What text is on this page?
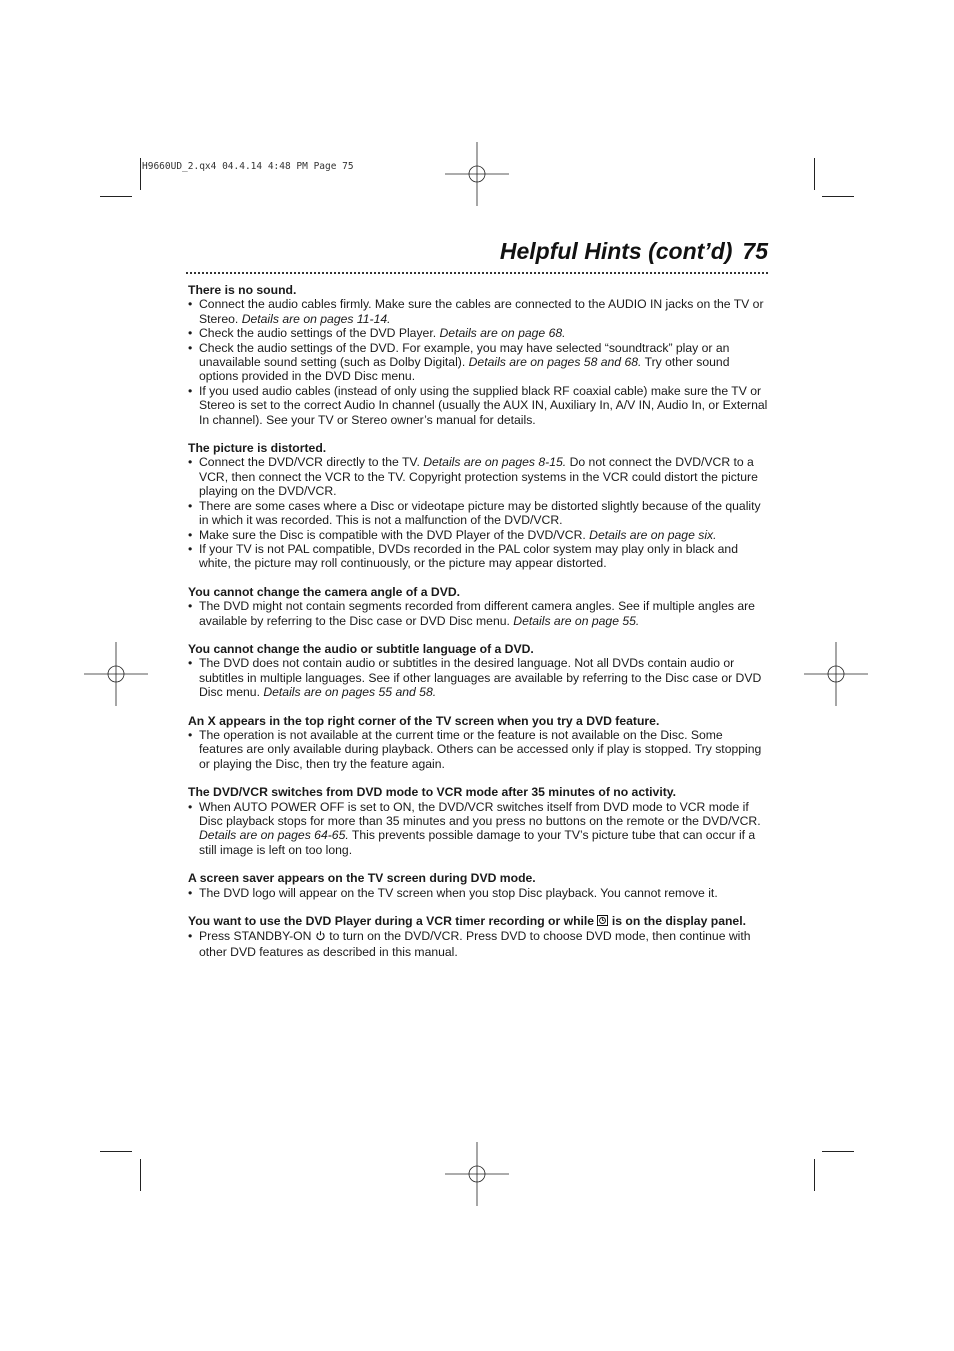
H9660UD_2.qx4 04.4.14 4:48 PM Page 75
Helpful Hints (cont’d) 75
There is no sound.
• Connect the audio cables firmly. Make sure the cables are connected to the AUDIO IN jacks on the TV or Stereo. Details are on pages 11-14.
• Check the audio settings of the DVD Player. Details are on page 68.
• Check the audio settings of the DVD. For example, you may have selected “soundtrack” play or an unavailable sound setting (such as Dolby Digital). Details are on pages 58 and 68. Try other sound options provided in the DVD Disc menu.
• If you used audio cables (instead of only using the supplied black RF coaxial cable) make sure the TV or Stereo is set to the correct Audio In channel (usually the AUX IN, Auxiliary In, A/V IN, Audio In, or External In channel). See your TV or Stereo owner’s manual for details.
The picture is distorted.
• Connect the DVD/VCR directly to the TV. Details are on pages 8-15. Do not connect the DVD/VCR to a VCR, then connect the VCR to the TV. Copyright protection systems in the VCR could distort the picture playing on the DVD/VCR.
• There are some cases where a Disc or videotape picture may be distorted slightly because of the quality in which it was recorded. This is not a malfunction of the DVD/VCR.
• Make sure the Disc is compatible with the DVD Player of the DVD/VCR. Details are on page six.
• If your TV is not PAL compatible, DVDs recorded in the PAL color system may play only in black and white, the picture may roll continuously, or the picture may appear distorted.
You cannot change the camera angle of a DVD.
• The DVD might not contain segments recorded from different camera angles. See if multiple angles are available by referring to the Disc case or DVD Disc menu. Details are on page 55.
You cannot change the audio or subtitle language of a DVD.
• The DVD does not contain audio or subtitles in the desired language. Not all DVDs contain audio or subtitles in multiple languages. See if other languages are available by referring to the Disc case or DVD Disc menu. Details are on pages 55 and 58.
An X appears in the top right corner of the TV screen when you try a DVD feature.
• The operation is not available at the current time or the feature is not available on the Disc. Some features are only available during playback. Others can be accessed only if play is stopped. Try stopping or playing the Disc, then try the feature again.
The DVD/VCR switches from DVD mode to VCR mode after 35 minutes of no activity.
• When AUTO POWER OFF is set to ON, the DVD/VCR switches itself from DVD mode to VCR mode if Disc playback stops for more than 35 minutes and you press no buttons on the remote or the DVD/VCR. Details are on pages 64-65. This prevents possible damage to your TV’s picture tube that can occur if a still image is left on too long.
A screen saver appears on the TV screen during DVD mode.
• The DVD logo will appear on the TV screen when you stop Disc playback. You cannot remove it.
You want to use the DVD Player during a VCR timer recording or while  is on the display panel.
• Press STANDBY-ON  to turn on the DVD/VCR. Press DVD to choose DVD mode, then continue with other DVD features as described in this manual.
